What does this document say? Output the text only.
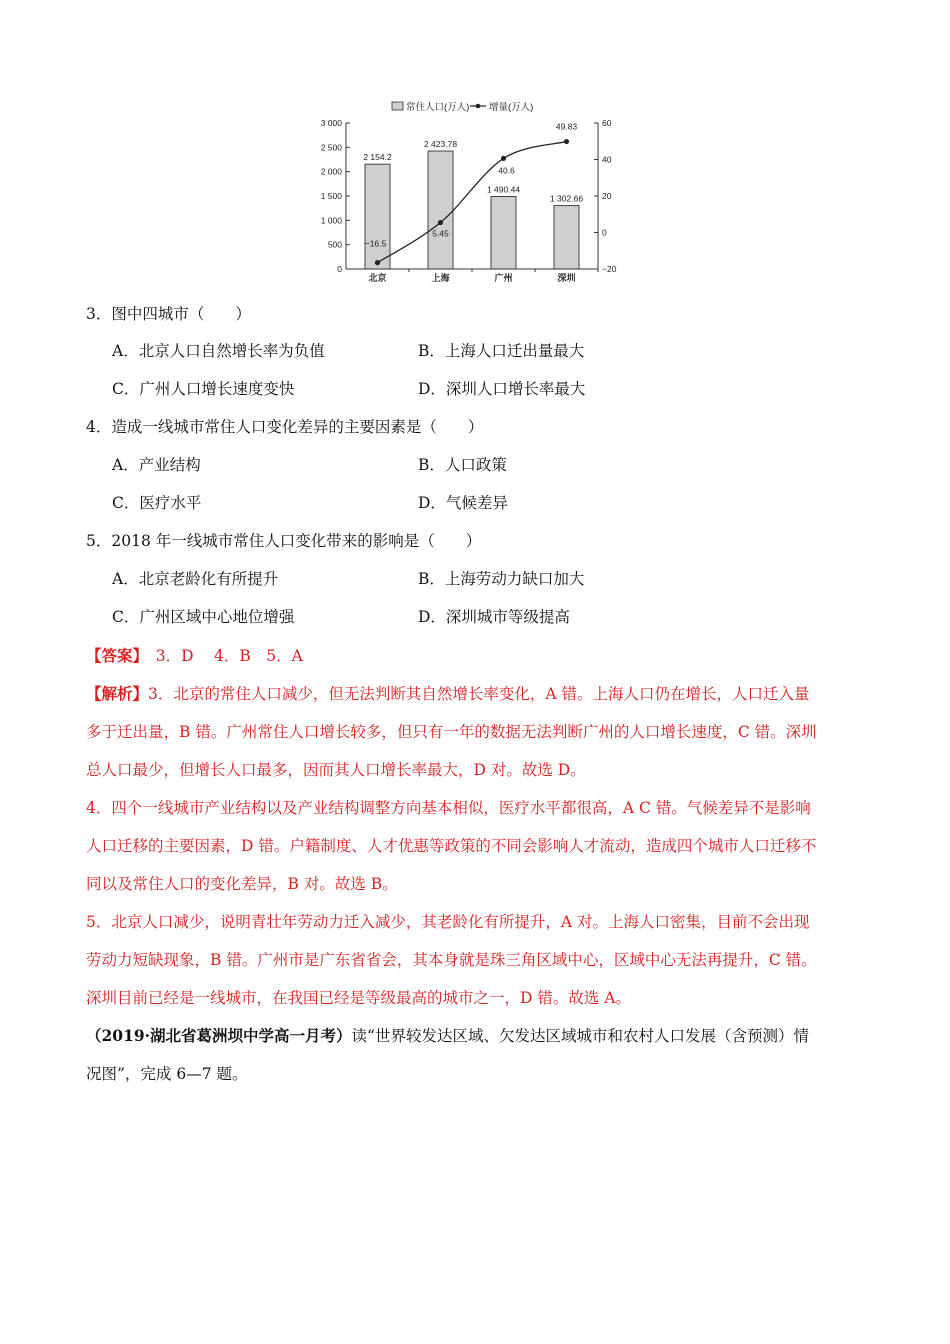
常住人口(万人) 增量(万人)
0
500
1 000
1 500
2 000
2 500
3 000
−20
0
20
40
60
2 154.2
2 423.78
1 490.44
1 302.66
−16.5
5.45
40.6
49.83
北京	上海	广州	深圳
3．图中四城市（　　）
A．北京人口自然增长率为负值	B．上海人口迁出量最大
C．广州人口增长速度变快	D．深圳人口增长率最大
4．造成一线城市常住人口变化差异的主要因素是（　　）
A．产业结构	B．人口政策
C．医疗水平	D．气候差异
5．2018 年一线城市常住人口变化带来的影响是（　　）
A．北京老龄化有所提升	B．上海劳动力缺口加大
C．广州区域中心地位增强	D．深圳城市等级提高
【答案】　3．D　 4．B　5．A
【解析】3．北京的常住人口减少，但无法判断其自然增长率变化，A 错。上海人口仍在增长，人口迁入量
多于迁出量，B 错。广州常住人口增长较多，但只有一年的数据无法判断广州的人口增长速度，C 错。深圳
总人口最少，但增长人口最多，因而其人口增长率最大，D 对。故选 D。
4．四个一线城市产业结构以及产业结构调整方向基本相似，医疗水平都很高，A C 错。气候差异不是影响
人口迁移的主要因素，D 错。户籍制度、人才优惠等政策的不同会影响人才流动，造成四个城市人口迁移不
同以及常住人口的变化差异，B 对。故选 B。
5．北京人口减少，说明青壮年劳动力迁入减少，其老龄化有所提升，A 对。上海人口密集，目前不会出现
劳动力短缺现象，B 错。广州市是广东省省会，其本身就是珠三角区域中心，区域中心无法再提升，C 错。
深圳目前已经是一线城市，在我国已经是等级最高的城市之一，D 错。故选 A。
（2019·湖北省葛洲坝中学高一月考）读“世界较发达区域、欠发达区域城市和农村人口发展（含预测）情
况图”，完成 6—7 题。
